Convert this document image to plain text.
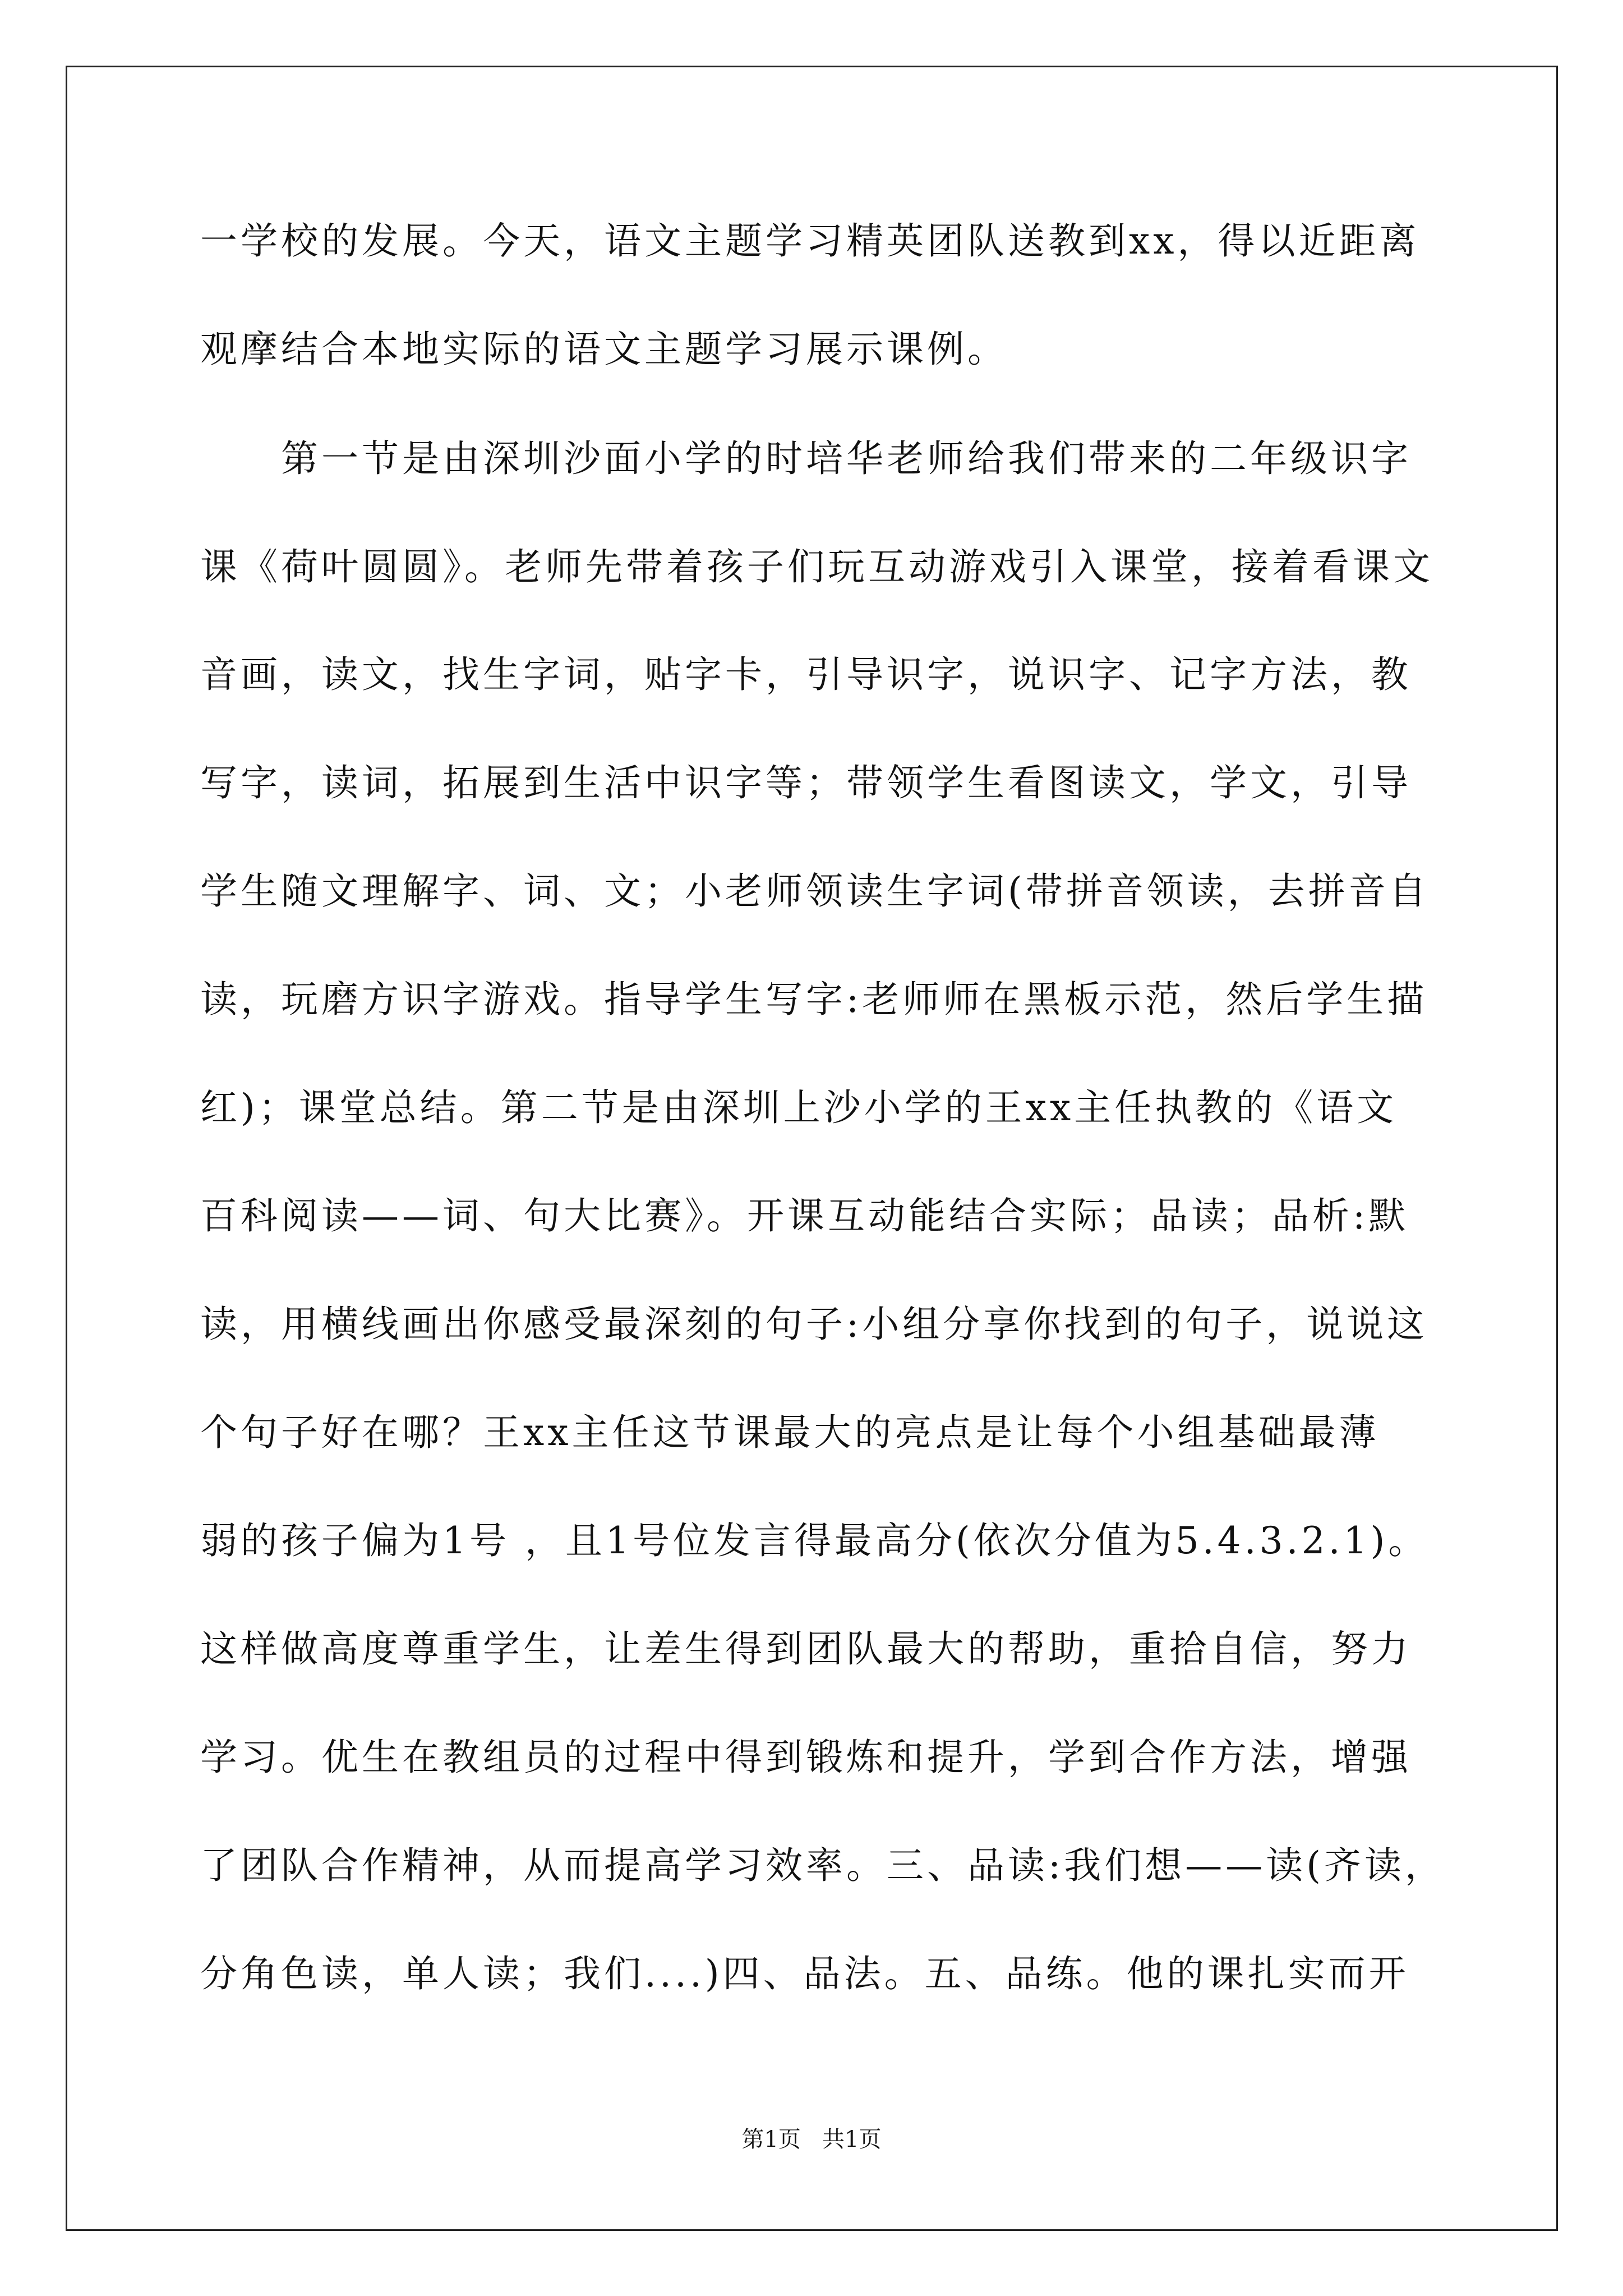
一学校的发展。今天，语文主题学习精英团队送教到xx，得以近距离
观摩结合本地实际的语文主题学习展示课例。
　　第一节是由深圳沙面小学的时培华老师给我们带来的二年级识字
课《荷叶圆圆》。老师先带着孩子们玩互动游戏引入课堂，接着看课文
音画，读文，找生字词，贴字卡，引导识字，说识字、记字方法，教
写字，读词，拓展到生活中识字等；带领学生看图读文，学文，引导
学生随文理解字、词、文；小老师领读生字词(带拼音领读，去拼音自
读，玩磨方识字游戏。指导学生写字:老师师在黑板示范，然后学生描
红)；课堂总结。第二节是由深圳上沙小学的王xx主任执教的《语文
百科阅读——词、句大比赛》。开课互动能结合实际；品读；品析:默
读，用横线画出你感受最深刻的句子:小组分享你找到的句子，说说这
个句子好在哪？王xx主任这节课最大的亮点是让每个小组基础最薄
弱的孩子偏为1号 ，且1号位发言得最高分(依次分值为5.4.3.2.1)。
这样做高度尊重学生，让差生得到团队最大的帮助，重拾自信，努力
学习。优生在教组员的过程中得到锻炼和提升，学到合作方法，增强
了团队合作精神，从而提高学习效率。三、品读:我们想——读(齐读，
分角色读，单人读；我们....)四、品法。五、品练。他的课扎实而开
第1页   共1页
